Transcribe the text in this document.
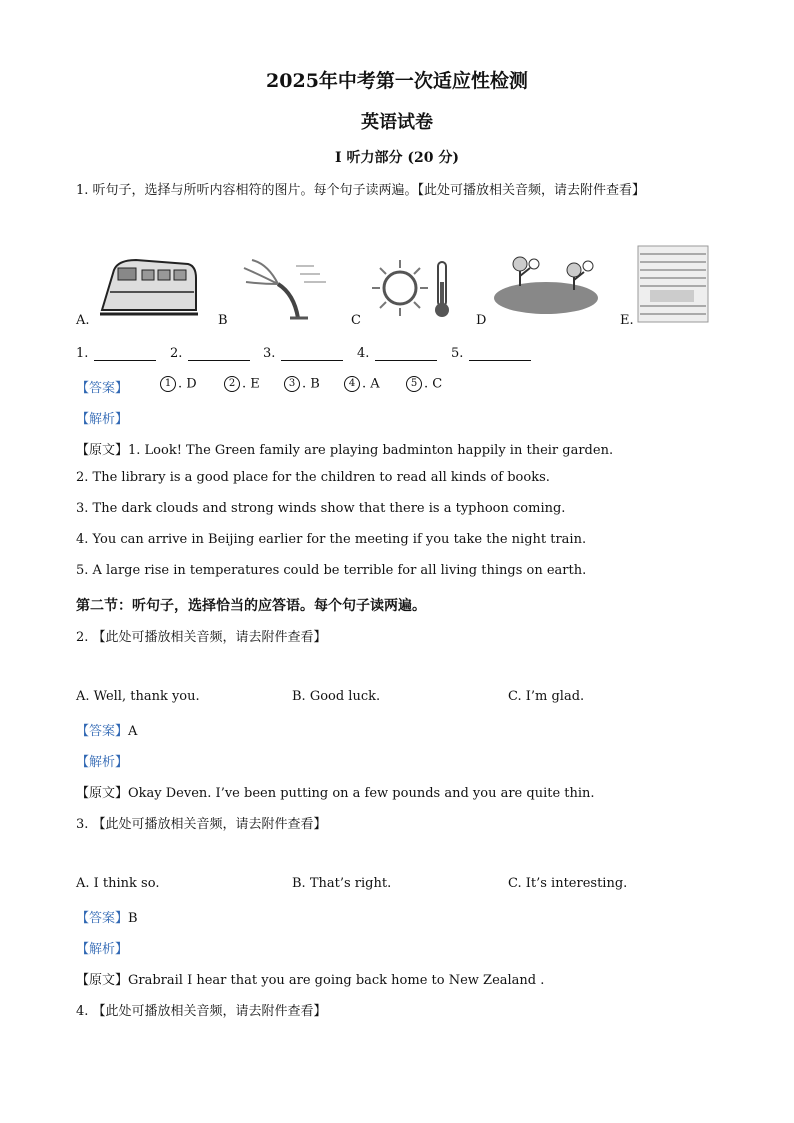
2025年中考第一次适应性检测
英语试卷
Ⅰ 听力部分 (20 分)
1. 听句子，选择与所听内容相符的图片。每个句子读两遍。【此处可播放相关音频，请去附件查看】
A.	B	C	D	E.
1.	2.	3.	4.	5.
【答案】	1 . D	2 . E	3 . B	4 . A	5 . C
【解析】
【原文】1. Look! The Green family are playing badminton happily in their garden.
2. The library is a good place for the children to read all kinds of books.
3. The dark clouds and strong winds show that there is a typhoon coming.
4. You can arrive in Beijing earlier for the meeting if you take the night train.
5. A large rise in temperatures could be terrible for all living things on earth.
第二节：听句子，选择恰当的应答语。每个句子读两遍。
2. 【此处可播放相关音频，请去附件查看】
A. Well, thank you.	B. Good luck.	C. I’m glad.
【答案】A
【解析】
【原文】Okay Deven. I’ve been putting on a few pounds and you are quite thin.
3. 【此处可播放相关音频，请去附件查看】
A. I think so.	B. That’s right.	C. It’s interesting.
【答案】B
【解析】
【原文】Grabrail I hear that you are going back home to New Zealand .
4. 【此处可播放相关音频，请去附件查看】
